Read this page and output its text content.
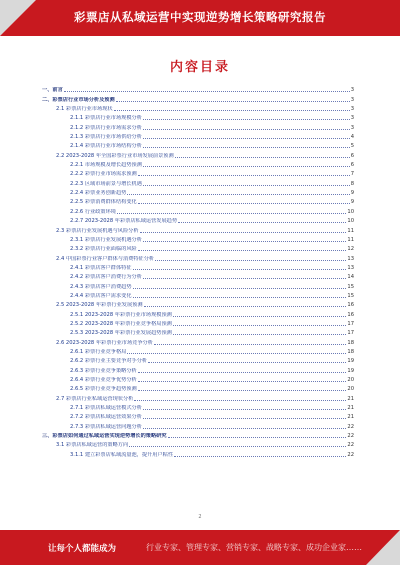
彩票店从私域运营中实现逆势增长策略研究报告
内容目录
一、前言	3
二、彩票店行业市场分析及预测	3
2.1 彩票店行业市场现状	3
2.1.1 彩票店行业市场规模分析	3
2.1.2 彩票店行业市场需求分析	3
2.1.3 彩票店行业市场供给分析	4
2.1.4 彩票店行业市场结构分析	5
2.2 2023-2028 年全国彩票行业市场发展前景预测	6
2.2.1 市场规模及增长趋势预测	6
2.2.2 彩票行业市场需求预测	7
2.2.3 区域市场前景与增长机遇	8
2.2.4 彩票业务创新趋势	9
2.2.5 彩票消费群体结构变化	9
2.2.6 行业政策环境	10
2.2.7 2023-2028 年彩票店私域运营发展趋势	10
2.3 彩票店行业发展机遇与风险分析	11
2.3.1 彩票店行业发展机遇分析	11
2.3.2 彩票店行业面临的风险	12
2.4 中国彩票行业客户群体与消费特征分析	13
2.4.1 彩票店客户群体特征	13
2.4.2 彩票店客户消费行为分析	14
2.4.3 彩票店客户消费趋势	15
2.4.4 彩票店客户需求变化	15
2.5 2023-2028 年彩票行业发展预测	16
2.5.1 2023-2028 年彩票行业市场规模预测	16
2.5.2 2023-2028 年彩票行业竞争格局预测	17
2.5.3 2023-2028 年彩票行业发展趋势预测	17
2.6 2023-2028 年彩票行业市场竞争分析	18
2.6.1 彩票行业竞争格局	18
2.6.2 彩票行业主要竞争对手分析	19
2.6.3 彩票行业竞争策略分析	19
2.6.4 彩票行业竞争优势分析	20
2.6.5 彩票行业竞争趋势预测	20
2.7 彩票店行业私域运营现状分析	21
2.7.1 彩票店私域运营模式分析	21
2.7.2 彩票店私域运营效果分析	21
2.7.3 彩票店私域运营问题分析	22
三、彩票店如何通过私域运营实现逆势增长的策略研究	22
3.1 彩票店私域运营的策略方向	22
3.1.1 建立彩票店私域流量池，提升用户粘性	22
2
让每个人都能成为	行业专家、管理专家、营销专家、战略专家、成功企业家……
